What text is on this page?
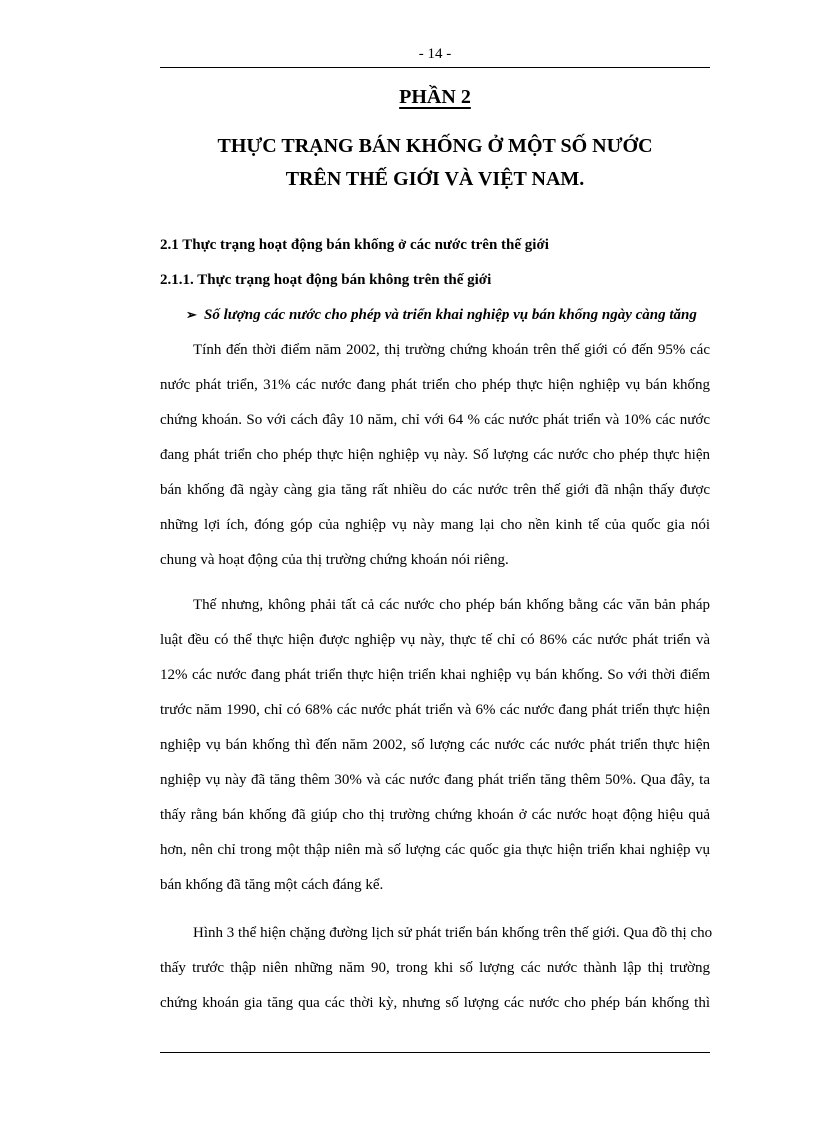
- 14 -
PHẦN 2
THỰC TRẠNG BÁN KHỐNG Ở MỘT SỐ NƯỚC
TRÊN THẾ GIỚI VÀ VIỆT NAM.
2.1 Thực trạng hoạt động bán khống ở các nước trên thế giới
2.1.1. Thực trạng hoạt động bán không trên thế giới
➢ Số lượng các nước cho phép và triển khai nghiệp vụ bán khống ngày càng tăng
Tính đến thời điểm năm 2002, thị trường chứng khoán trên thế giới có đến 95% các
nước phát triển, 31% các nước đang phát triển cho phép thực hiện nghiệp vụ bán khống
chứng khoán. So với cách đây 10 năm, chỉ với 64 % các nước phát triển và 10% các nước
đang phát triển cho phép thực hiện nghiệp vụ này. Số lượng các nước cho phép thực hiện
bán khống đã ngày càng gia tăng rất nhiều do các nước trên thế giới đã nhận thấy được
những lợi ích, đóng góp của nghiệp vụ này mang lại cho nền kinh tế của quốc gia nói
chung và hoạt động của thị trường chứng khoán nói riêng.
Thế nhưng, không phải tất cả các nước cho phép bán khống bằng các văn bản pháp
luật đều có thể thực hiện được nghiệp vụ này, thực tế chỉ có 86% các nước phát triển và
12% các nước đang phát triển thực hiện triển khai nghiệp vụ bán khống. So với thời điểm
trước năm 1990, chỉ có 68% các nước phát triển và 6% các nước đang phát triển thực hiện
nghiệp vụ bán khống thì đến năm 2002, số lượng các nước các nước phát triển thực hiện
nghiệp vụ này đã tăng thêm 30% và các nước đang phát triển tăng thêm 50%. Qua đây, ta
thấy rằng bán khống đã giúp cho thị trường chứng khoán ở các nước hoạt động hiệu quả
hơn, nên chỉ trong một thập niên mà số lượng các quốc gia thực hiện triển khai nghiệp vụ
bán khống đã tăng một cách đáng kể.
Hình 3 thể hiện chặng đường lịch sử phát triển bán khống trên thế giới. Qua đồ thị cho
thấy trước thập niên những năm 90, trong khi số lượng các nước thành lập thị trường
chứng khoán gia tăng qua các thời kỳ, nhưng số lượng các nước cho phép bán khống thì
